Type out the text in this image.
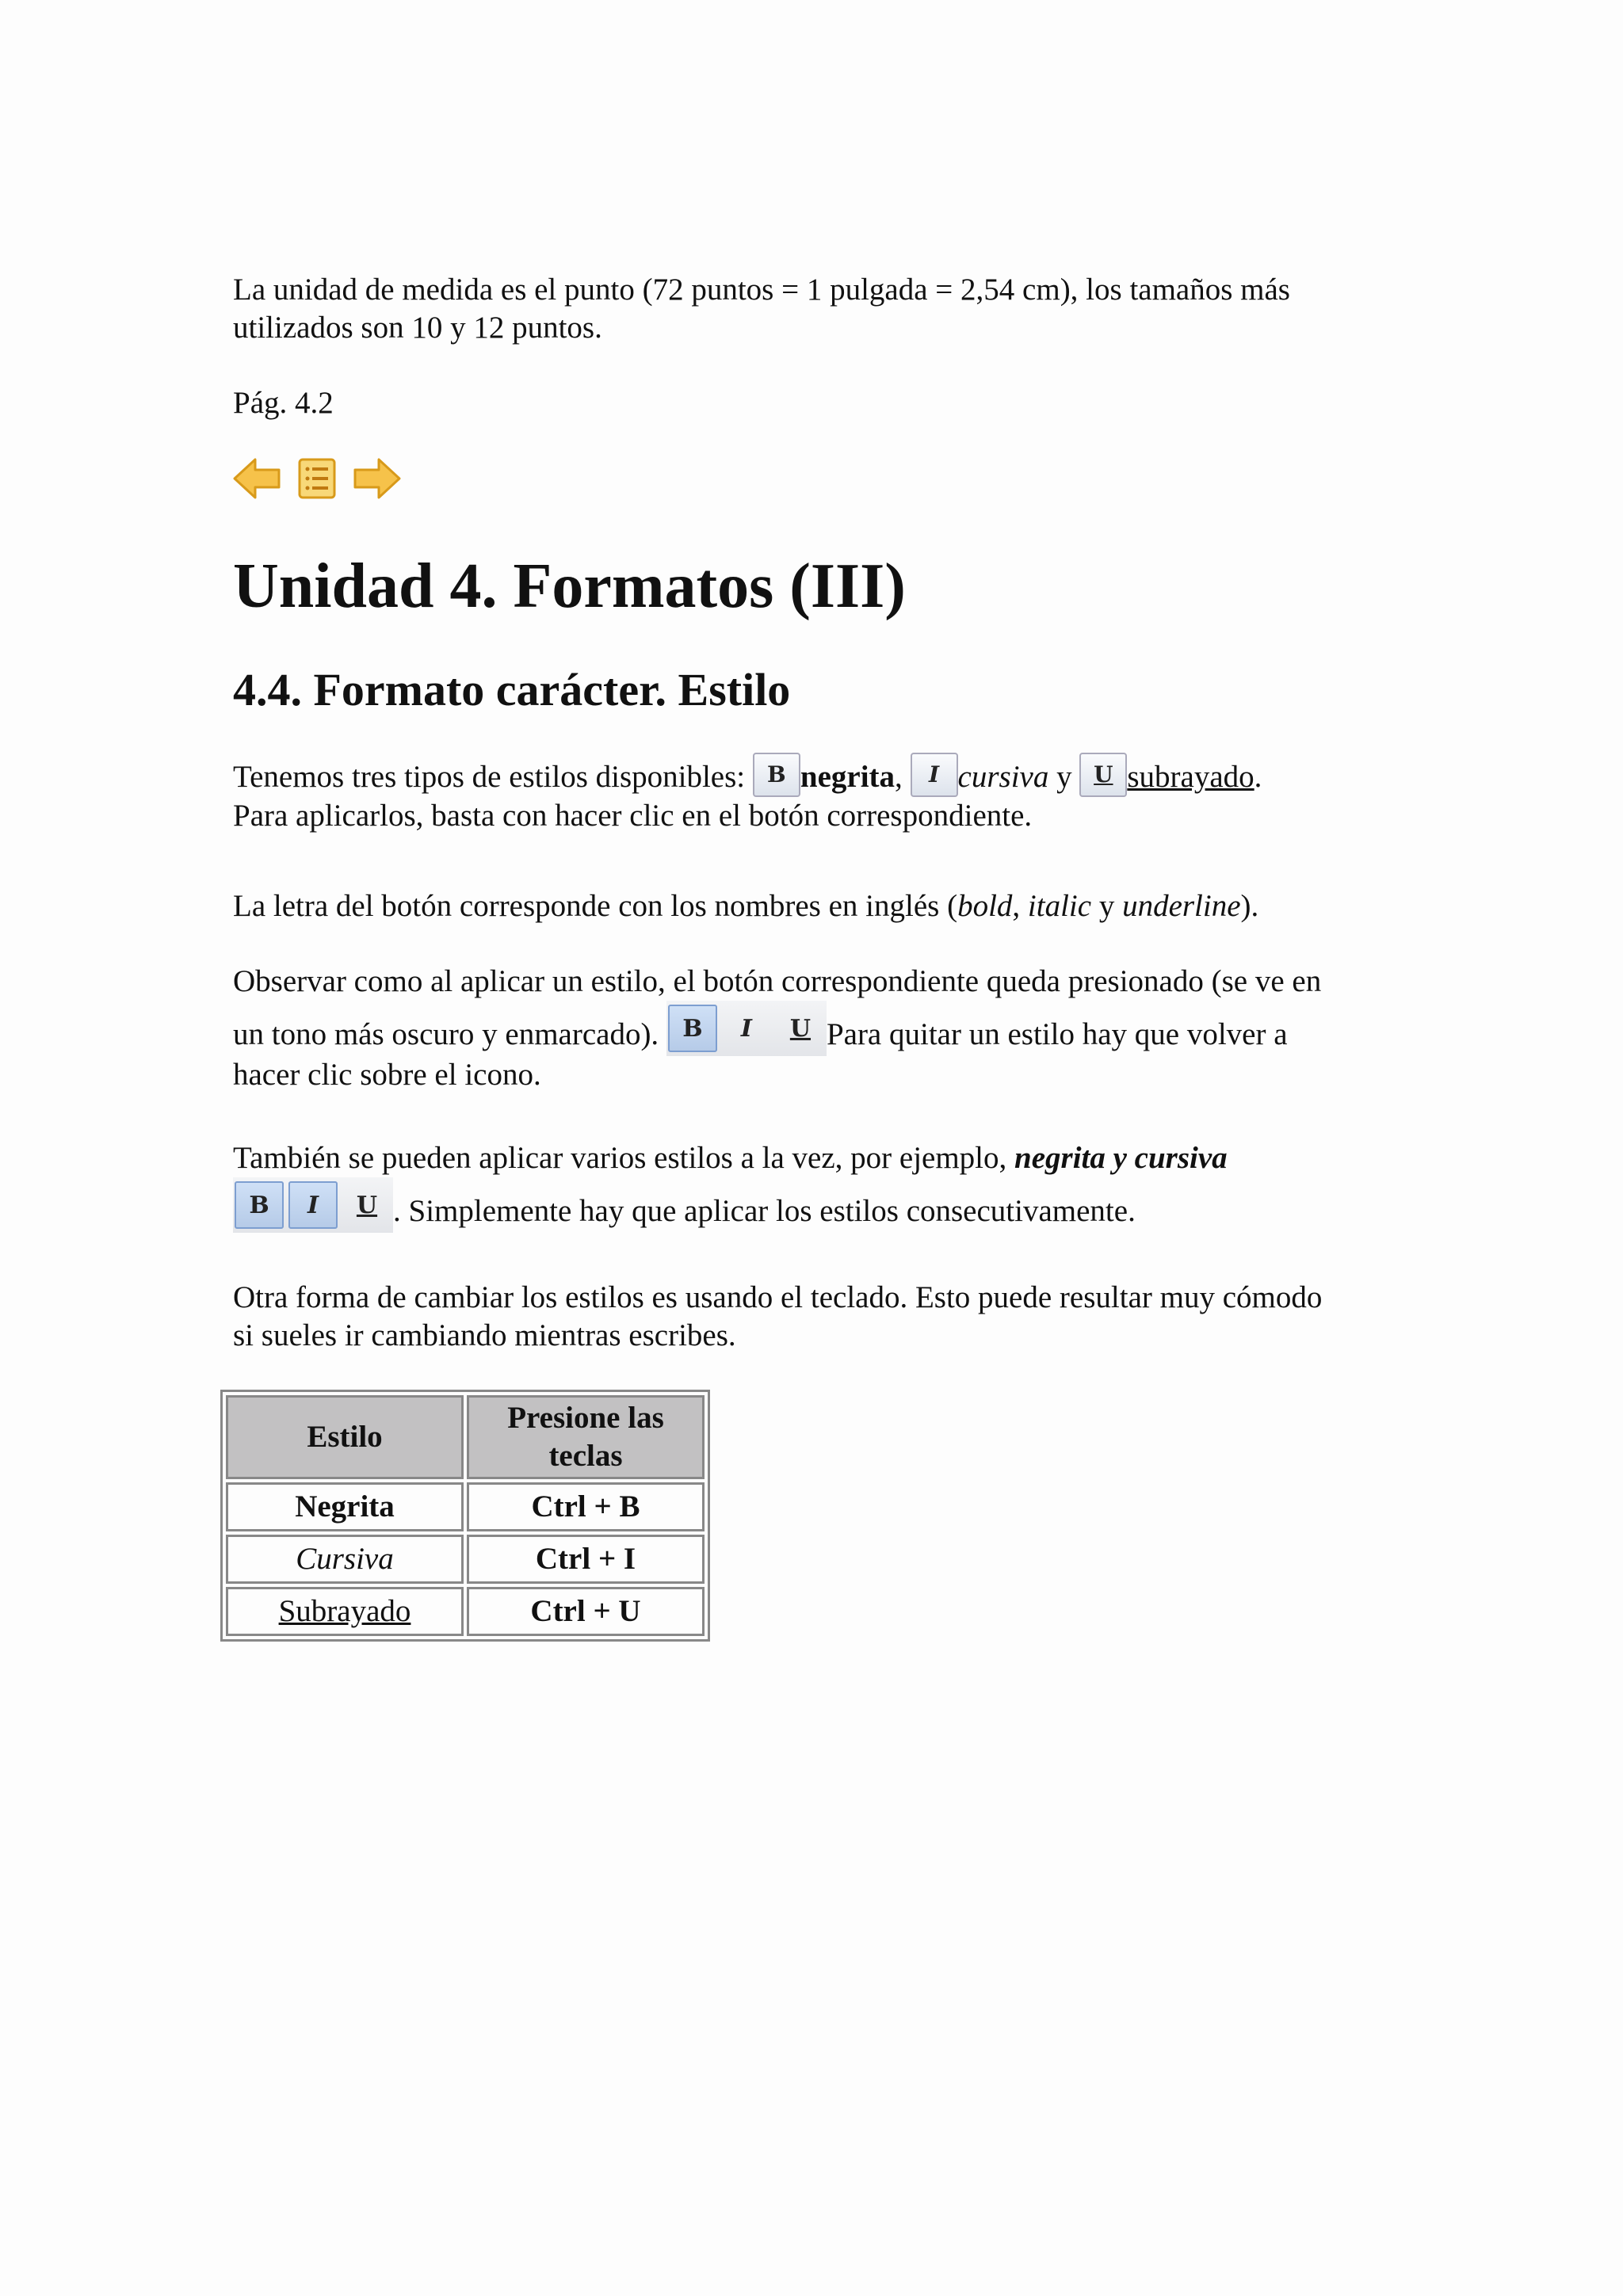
La unidad de medida es el punto (72 puntos = 1 pulgada = 2,54 cm), los tamaños más
utilizados son 10 y 12 puntos.
Pág. 4.2
Unidad 4. Formatos (III)
4.4. Formato carácter. Estilo
Tenemos tres tipos de estilos disponibles: B negrita, I cursiva y U subrayado.
Para aplicarlos, basta con hacer clic en el botón correspondiente.
La letra del botón corresponde con los nombres en inglés (bold, italic y underline).
Observar como al aplicar un estilo, el botón correspondiente queda presionado (se ve en
un tono más oscuro y enmarcado). B	I	U Para quitar un estilo hay que volver a
hacer clic sobre el icono.
También se pueden aplicar varios estilos a la vez, por ejemplo, negrita y cursiva

B	I	U . Simplemente hay que aplicar los estilos consecutivamente.
Otra forma de cambiar los estilos es usando el teclado. Esto puede resultar muy cómodo
si sueles ir cambiando mientras escribes.
Estilo	Presione las teclas
Negrita	Ctrl + B
Cursiva	Ctrl + I
Subrayado	Ctrl + U
